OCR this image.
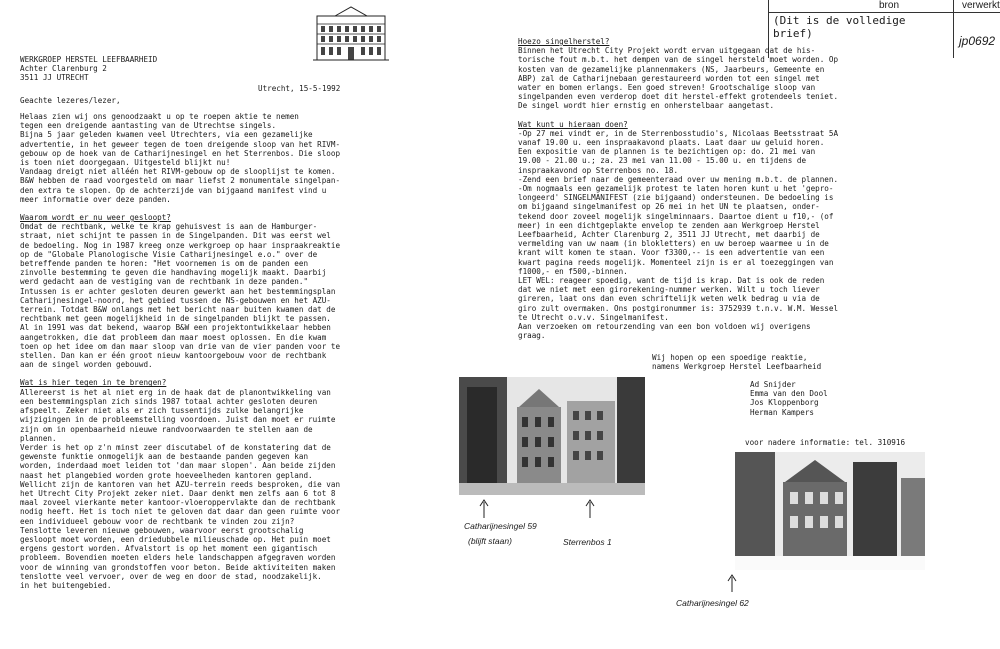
bron	verwerkt
(Dit is de volledige
brief)
jp0692
WERKGROEP HERSTEL LEEFBAARHEID
Achter Clarenburg 2
3511 JJ UTRECHT
Utrecht, 15-5-1992
Geachte lezeres/lezer,
Helaas zien wij ons genoodzaakt u op te roepen aktie te nemen
tegen een dreigende aantasting van de Utrechtse singels.
Bijna 5 jaar geleden kwamen veel Utrechters, via een gezamelijke
advertentie, in het geweer tegen de toen dreigende sloop van het RIVM-
gebouw op de hoek van de Catharijnesingel en het Sterrenbos. Die sloop
is toen niet doorgegaan. Uitgesteld blijkt nu!
Vandaag dreigt niet alléén het RIVM-gebouw op de slooplijst te komen.
B&W hebben de raad voorgesteld om maar liefst 2 monumentale singelpan-
den extra te slopen. Op de achterzijde van bijgaand manifest vind u
meer informatie over deze panden.
Waarom wordt er nu weer gesloopt?
Omdat de rechtbank, welke te krap gehuisvest is aan de Hamburger-
straat, niet schijnt te passen in de Singelpanden. Dit was eerst wel
de bedoeling. Nog in 1987 kreeg onze werkgroep op haar inspraakreaktie
op de "Globale Planologische Visie Catharijnesingel e.o." over de
betreffende panden te horen: "Het voornemen is om de panden een
zinvolle bestemming te geven die handhaving mogelijk maakt. Daarbij
werd gedacht aan de vestiging van de rechtbank in deze panden."
Intussen is er achter gesloten deuren gewerkt aan het bestemmingsplan
Catharijnesingel-noord, het gebied tussen de NS-gebouwen en het AZU-
terrein. Totdat B&W onlangs met het bericht naar buiten kwamen dat de
rechtbank met geen mogelijkheid in de singelpanden blijkt te passen.
Al in 1991 was dat bekend, waarop B&W een projektontwikkelaar hebben
aangetrokken, die dat probleem dan maar moest oplossen. En die kwam
toen op het idee om dan maar sloop van drie van de vier panden voor te
stellen. Dan kan er één groot nieuw kantoorgebouw voor de rechtbank
aan de singel worden gebouwd.
Wat is hier tegen in te brengen?
Allereerst is het al niet erg in de haak dat de planontwikkeling van
een bestemmingsplan zich sinds 1987 totaal achter gesloten deuren
afspeelt. Zeker niet als er zich tussentijds zulke belangrijke
wijzigingen in de probleemstelling voordoen. Juist dan moet er ruimte
zijn om in openbaarheid nieuwe randvoorwaarden te stellen aan de
plannen.
Verder is het op z'n minst zeer discutabel of de konstatering dat de
gewenste funktie onmogelijk aan de bestaande panden gegeven kan
worden, inderdaad moet leiden tot 'dan maar slopen'. Aan beide zijden
naast het plangebied worden grote hoeveelheden kantoren gepland.
Wellicht zijn de kantoren van het AZU-terrein reeds besproken, die van
het Utrecht City Projekt zeker niet. Daar denkt men zelfs aan 6 tot 8
maal zoveel vierkante meter kantoor-vloeroppervlakte dan de rechtbank
nodig heeft. Het is toch niet te geloven dat daar dan geen ruimte voor
een individueel gebouw voor de rechtbank te vinden zou zijn?
Tenslotte leveren nieuwe gebouwen, waarvoor eerst grootschalig
gesloopt moet worden, een driedubbele milieuschade op. Het puin moet
ergens gestort worden. Afvalstort is op het moment een gigantisch
probleem. Bovendien moeten elders hele landschappen afgegraven worden
voor de winning van grondstoffen voor beton. Beide aktiviteiten maken
tenslotte veel vervoer, over de weg en door de stad, noodzakelijk.
in het buitengebied.
Hoezo singelherstel?
Binnen het Utrecht City Projekt wordt ervan uitgegaan dat de his-
torische fout m.b.t. het dempen van de singel hersteld moet worden. Op
kosten van de gezamelijke plannenmakers (NS, Jaarbeurs, Gemeente en
ABP) zal de Catharijnebaan gerestaureerd worden tot een singel met
water en bomen erlangs. Een goed streven! Grootschalige sloop van
singelpanden even verderop doet dit herstel-effekt grotendeels teniet.
De singel wordt hier ernstig en onherstelbaar aangetast.
Wat kunt u hieraan doen?
-Op 27 mei vindt er, in de Sterrenbosstudio's, Nicolaas Beetsstraat 5A
vanaf 19.00 u. een inspraakavond plaats. Laat daar uw geluid horen.
Een expositie van de plannen is te bezichtigen op: do. 21 mei van
19.00 - 21.00 u.; za. 23 mei van 11.00 - 15.00 u. en tijdens de
inspraakavond op Sterrenbos no. 18.
-Zend een brief naar de gemeenteraad over uw mening m.b.t. de plannen.
-Om nogmaals een gezamelijk protest te laten horen kunt u het 'gepro-
longeerd' SINGELMANIFEST (zie bijgaand) ondersteunen. De bedoeling is
om bijgaand singelmanifest op 26 mei in het UN te plaatsen, onder-
tekend door zoveel mogelijk singelminnaars. Daartoe dient u f10,- (of
meer) in een dichtgeplakte envelop te zenden aan Werkgroep Herstel
Leefbaarheid, Achter Clarenburg 2, 3511 JJ Utrecht, met daarbij de
vermelding van uw naam (in blokletters) en uw beroep waarmee u in de
krant wilt komen te staan. Voor f3300,-- is een advertentie van een
kwart pagina reeds mogelijk. Momenteel zijn is er al toezeggingen van
f1000,- en f500,-binnen.
LET WEL: reageer spoedig, want de tijd is krap. Dat is ook de reden
dat we niet met een girorekening-nummer werken. Wilt u toch liever
gireren, laat ons dan even schriftelijk weten welk bedrag u via de
giro zult overmaken. Ons postgironummer is: 3752939 t.n.v. W.M. Wessel
te Utrecht o.v.v. Singelmanifest.
Aan verzoeken om retourzending van een bon voldoen wij overigens
graag.
Wij hopen op een spoedige reaktie,
namens Werkgroep Herstel Leefbaarheid
Ad Snijder
Emma van den Dool
Jos Kloppenborg
Herman Kampers
voor nadere informatie: tel. 310916
Catharijnesingel 59
(blijft staan)	Sterrenbos 1
Catharijnesingel 62
